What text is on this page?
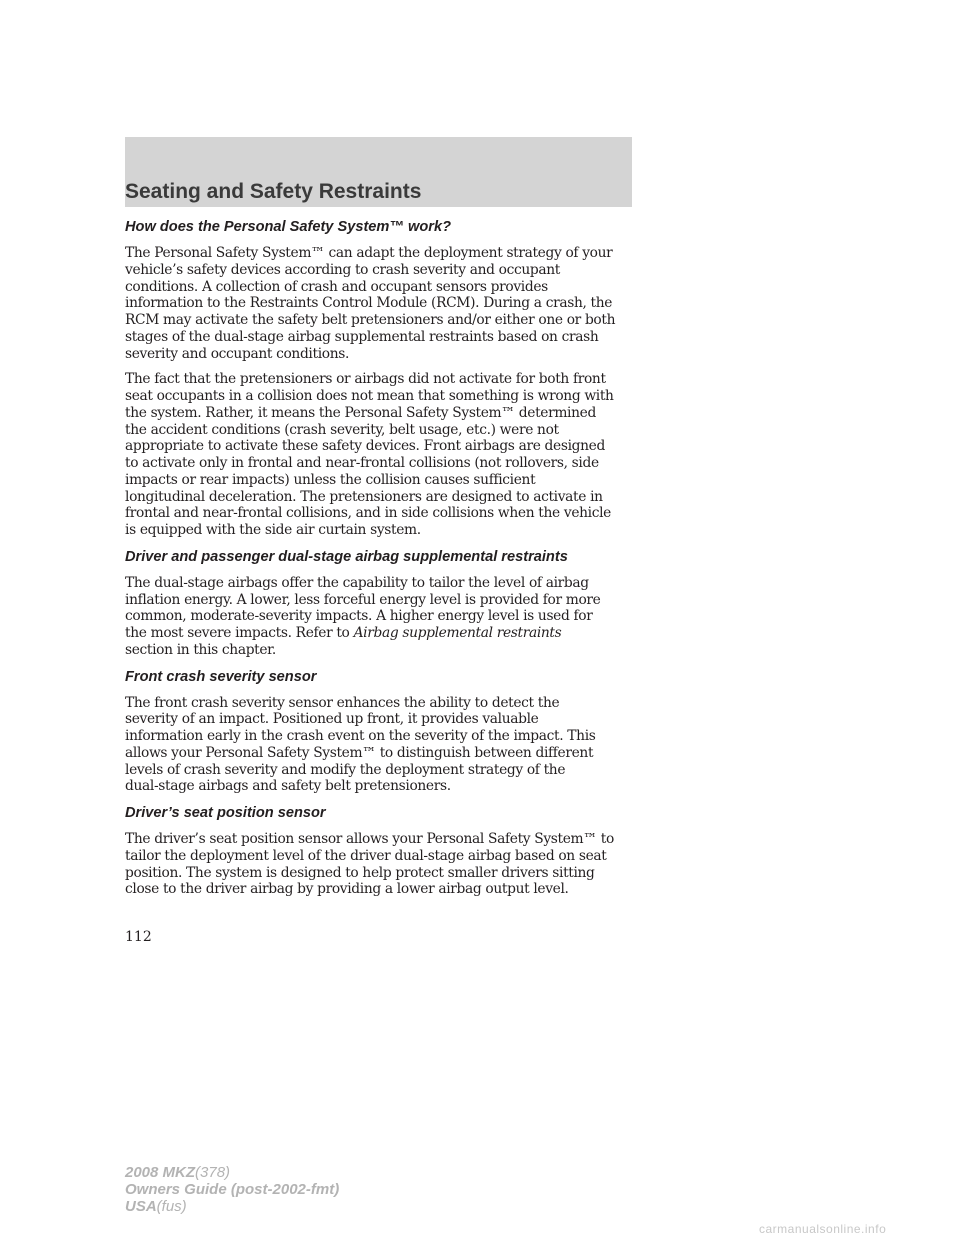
Seating and Safety Restraints
How does the Personal Safety System™ work?

The Personal Safety System™ can adapt the deployment strategy of your
vehicle’s safety devices according to crash severity and occupant
conditions. A collection of crash and occupant sensors provides
information to the Restraints Control Module (RCM). During a crash, the
RCM may activate the safety belt pretensioners and/or either one or both
stages of the dual-stage airbag supplemental restraints based on crash
severity and occupant conditions.

The fact that the pretensioners or airbags did not activate for both front
seat occupants in a collision does not mean that something is wrong with
the system. Rather, it means the Personal Safety System™ determined
the accident conditions (crash severity, belt usage, etc.) were not
appropriate to activate these safety devices. Front airbags are designed
to activate only in frontal and near-frontal collisions (not rollovers, side
impacts or rear impacts) unless the collision causes sufficient
longitudinal deceleration. The pretensioners are designed to activate in
frontal and near-frontal collisions, and in side collisions when the vehicle
is equipped with the side air curtain system.

Driver and passenger dual-stage airbag supplemental restraints

The dual-stage airbags offer the capability to tailor the level of airbag
inflation energy. A lower, less forceful energy level is provided for more
common, moderate-severity impacts. A higher energy level is used for
the most severe impacts. Refer to Airbag supplemental restraints
section in this chapter.

Front crash severity sensor

The front crash severity sensor enhances the ability to detect the
severity of an impact. Positioned up front, it provides valuable
information early in the crash event on the severity of the impact. This
allows your Personal Safety System™ to distinguish between different
levels of crash severity and modify the deployment strategy of the
dual-stage airbags and safety belt pretensioners.

Driver’s seat position sensor

The driver’s seat position sensor allows your Personal Safety System™ to
tailor the deployment level of the driver dual-stage airbag based on seat
position. The system is designed to help protect smaller drivers sitting
close to the driver airbag by providing a lower airbag output level.

112
2008 MKZ(378)
Owners Guide (post-2002-fmt)
USA(fus)
carmanualsonline.info
